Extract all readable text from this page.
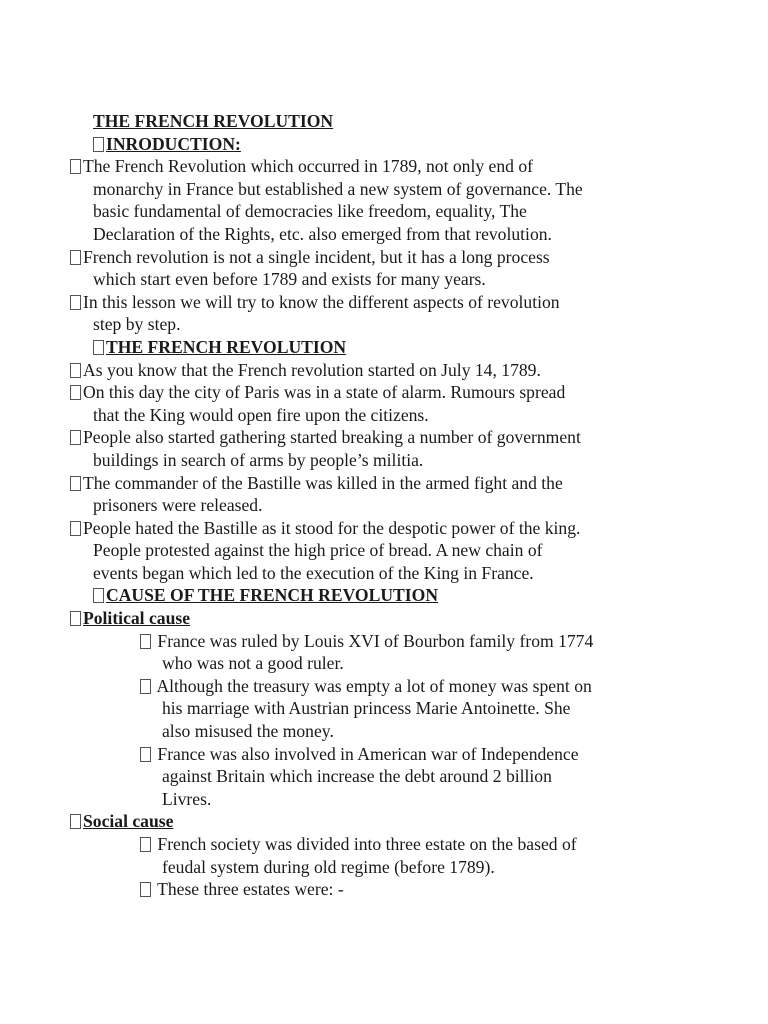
THE FRENCH REVOLUTION
INRODUCTION:
The French Revolution which occurred in 1789, not only end of
monarchy in France but established a new system of governance. The
basic fundamental of democracies like freedom, equality, The
Declaration of the Rights, etc. also emerged from that revolution.
French revolution is not a single incident, but it has a long process
which start even before 1789 and exists for many years.
In this lesson we will try to know the different aspects of revolution
step by step.
THE FRENCH REVOLUTION
As you know that the French revolution started on July 14, 1789.
On this day the city of Paris was in a state of alarm. Rumours spread
that the King would open fire upon the citizens.
People also started gathering started breaking a number of government
buildings in search of arms by people’s militia.
The commander of the Bastille was killed in the armed fight and the
prisoners were released.
People hated the Bastille as it stood for the despotic power of the king.
People protested against the high price of bread. A new chain of
events began which led to the execution of the King in France.
CAUSE OF THE FRENCH REVOLUTION
Political cause
France was ruled by Louis XVI of Bourbon family from 1774
who was not a good ruler.
Although the treasury was empty a lot of money was spent on
his marriage with Austrian princess Marie Antoinette. She
also misused the money.
France was also involved in American war of Independence
against Britain which increase the debt around 2 billion
Livres.
Social cause
French society was divided into three estate on the based of
feudal system during old regime (before 1789).
These three estates were: -
